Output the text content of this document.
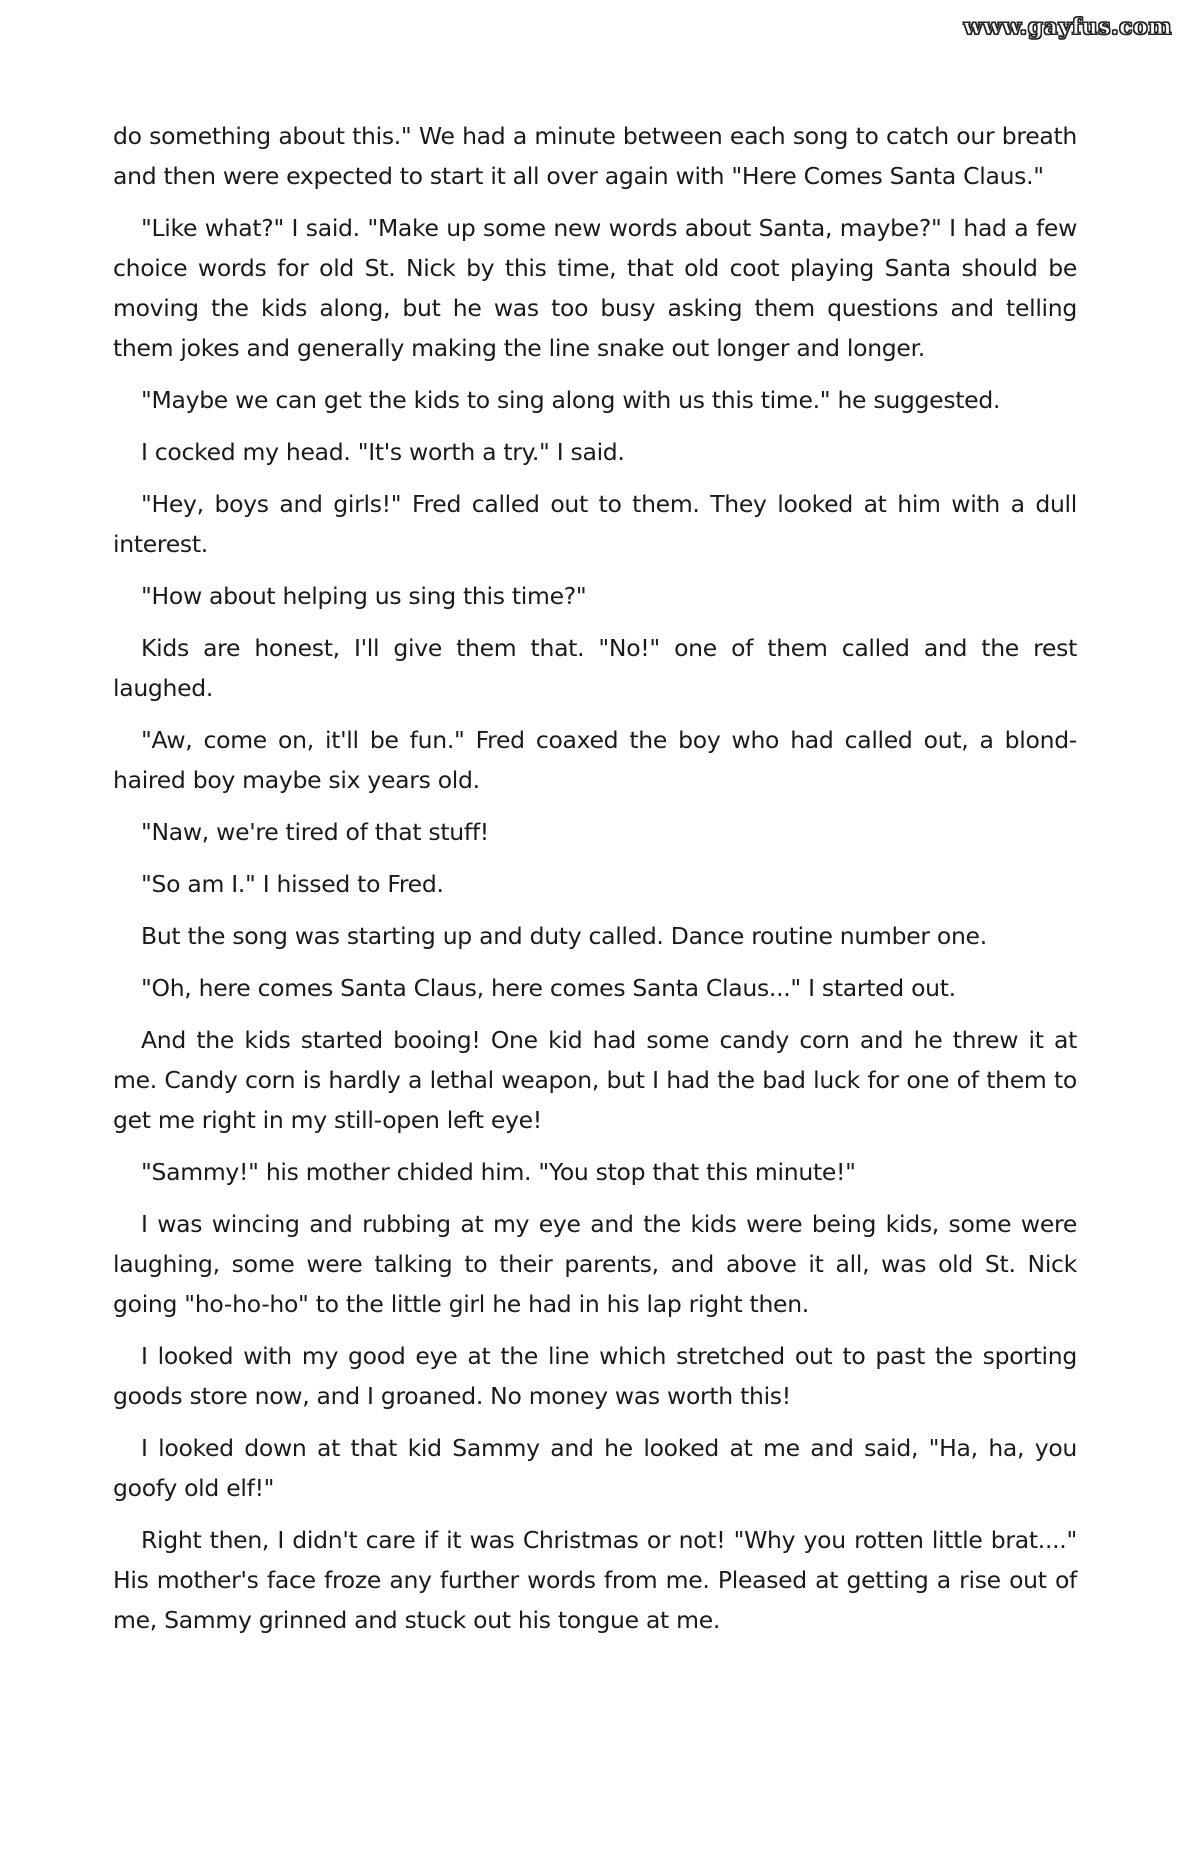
www.gayfus.com

do something about this." We had a minute between each song to catch our breath and then were expected to start it all over again with "Here Comes Santa Claus."

"Like what?" I said. "Make up some new words about Santa, maybe?" I had a few choice words for old St. Nick by this time, that old coot playing Santa should be moving the kids along, but he was too busy asking them questions and telling them jokes and generally making the line snake out longer and longer.

"Maybe we can get the kids to sing along with us this time." he suggested.

I cocked my head. "It's worth a try." I said.

"Hey, boys and girls!" Fred called out to them. They looked at him with a dull interest.

"How about helping us sing this time?"

Kids are honest, I'll give them that. "No!" one of them called and the rest laughed.

"Aw, come on, it'll be fun." Fred coaxed the boy who had called out, a blond-haired boy maybe six years old.

"Naw, we're tired of that stuff!

"So am I." I hissed to Fred.

But the song was starting up and duty called. Dance routine number one.

"Oh, here comes Santa Claus, here comes Santa Claus..." I started out.

And the kids started booing! One kid had some candy corn and he threw it at me. Candy corn is hardly a lethal weapon, but I had the bad luck for one of them to get me right in my still-open left eye!

"Sammy!" his mother chided him. "You stop that this minute!"

I was wincing and rubbing at my eye and the kids were being kids, some were laughing, some were talking to their parents, and above it all, was old St. Nick going "ho-ho-ho" to the little girl he had in his lap right then.

I looked with my good eye at the line which stretched out to past the sporting goods store now, and I groaned. No money was worth this!

I looked down at that kid Sammy and he looked at me and said, "Ha, ha, you goofy old elf!"

Right then, I didn't care if it was Christmas or not! "Why you rotten little brat...." His mother's face froze any further words from me. Pleased at getting a rise out of me, Sammy grinned and stuck out his tongue at me.
